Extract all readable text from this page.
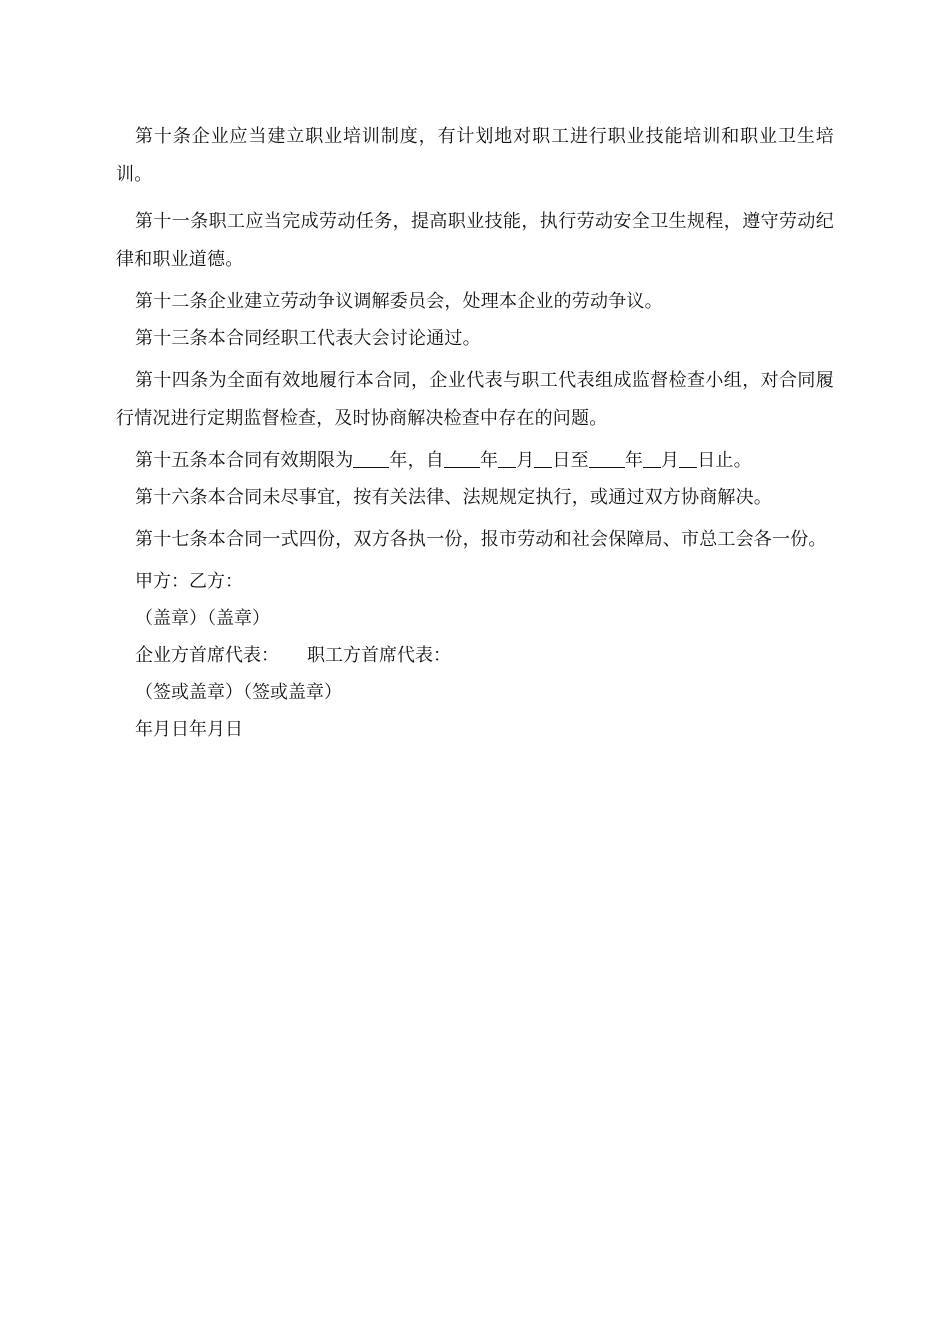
第十条企业应当建立职业培训制度，有计划地对职工进行职业技能培训和职业卫生培训。

第十一条职工应当完成劳动任务，提高职业技能，执行劳动安全卫生规程，遵守劳动纪律和职业道德。

第十二条企业建立劳动争议调解委员会，处理本企业的劳动争议。

第十三条本合同经职工代表大会讨论通过。

第十四条为全面有效地履行本合同，企业代表与职工代表组成监督检查小组，对合同履行情况进行定期监督检查，及时协商解决检查中存在的问题。

第十五条本合同有效期限为 年，自 年 月 日至 年 月 日止。

第十六条本合同未尽事宜，按有关法律、法规规定执行，或通过双方协商解决。

第十七条本合同一式四份，双方各执一份，报市劳动和社会保障局、市总工会各一份。

甲方：乙方：
（盖章）（盖章）
企业方首席代表： 职工方首席代表：
（签或盖章）（签或盖章）
年月日年月日
